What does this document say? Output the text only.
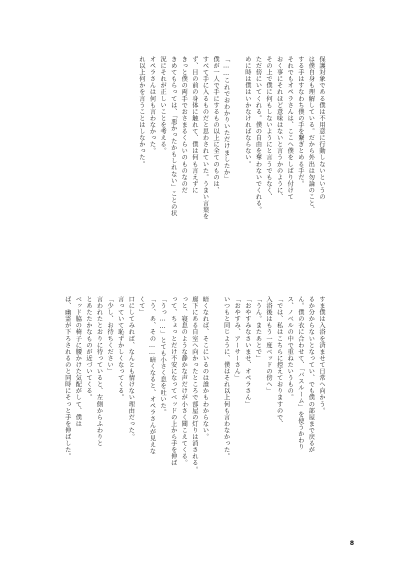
保護対象である僕は不用意に行動しないというの

は僕自身も理解している。だから外出は勿論のこと、

する手はすなわち僕の手を繋ぎとめる手だ。

それでもオペラさんは、ここへ僕をしばり付けて

おく事にそれほど意味はないと言うかのように、

その上で僕に何もしないようにと言うでもなく、

ただ傍にいてくれる。僕の自由を奪わないでくれる。

めに時は僕はいかなければならない。

「……これでおわかりいただけましたか」

僕が一人で手にするもの以上に全てのものは、

すべて手に入るものだと思わされていた。うまい言葉を

ず、目の前の身体に触れて、僕は何も言えずに

きっと僕の両手でおさまるくらいのものなのだ

きめてもらっては、「悪かったかもしれない」ことの状

況にそれが正しいことを考える。

オペラさんは何も言わなかった。

れ以上何かを言うことはしなかった。

すま僕は入浴を済ませて日常へ向かう。

るか分からないとなってい、でも僕の部屋まで戻るが

ん。僕の衣に合わせて、「バスルーム」を使うかわり

ス、ノベルの中で重ねたいうもの。

「では、私はこちらに控えておりますので、

入浴後はもう一度ベッドの傍へ」

「うん。またあとで」

「おやすみなさいませ、オペラさん」

「おやすみ、アーサーさん」

いつもと同じように、僕はそれ以上何も言わなかった。

暗くなれば、そこにいるのは誰かもわからない。

廊下にある自室へ向かったところで部屋の灯りは消される。

っと、寝息のような静かな声だけが小さく聞こえてくる。

って、ちょっとだけ不安になってベッドの上から手を伸ば

「うっ……」とても小さく息を吐いた。

「う、あ、その……暗くなると、オペラさんが見えな

くて」

口にしてみれば、なんとも情けない理由だった。

言っていて恥ずかしくなってくる。

「少し、お待ちください」

言われたとおりに待っていると、左側からふわりと

とあたたかなものが近づいてくる。

ベッド脇の椅子に腰かけた気配がして、僕は

ば、幽霊が下ろされるのと同時にそっと手を伸ばした。

8
